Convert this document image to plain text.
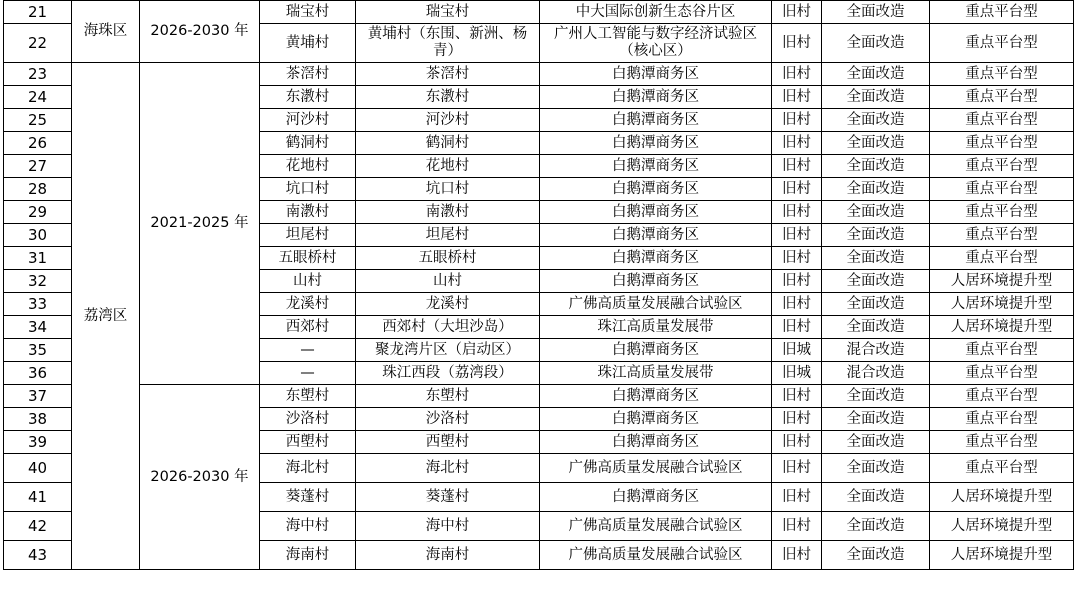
21	海珠区	2026-2030 年	瑞宝村	瑞宝村	中大国际创新生态谷片区	旧村	全面改造	重点平台型
22			黄埔村	黄埔村（东围、新洲、杨青）	广州人工智能与数字经济试验区（核心区）	旧村	全面改造	重点平台型
23	荔湾区	2021-2025 年	茶滘村	茶滘村	白鹅潭商务区	旧村	全面改造	重点平台型
24			东漖村	东漖村	白鹅潭商务区	旧村	全面改造	重点平台型
25			河沙村	河沙村	白鹅潭商务区	旧村	全面改造	重点平台型
26			鹤洞村	鹤洞村	白鹅潭商务区	旧村	全面改造	重点平台型
27			花地村	花地村	白鹅潭商务区	旧村	全面改造	重点平台型
28			坑口村	坑口村	白鹅潭商务区	旧村	全面改造	重点平台型
29			南漖村	南漖村	白鹅潭商务区	旧村	全面改造	重点平台型
30			坦尾村	坦尾村	白鹅潭商务区	旧村	全面改造	重点平台型
31			五眼桥村	五眼桥村	白鹅潭商务区	旧村	全面改造	重点平台型
32			山村	山村	白鹅潭商务区	旧村	全面改造	人居环境提升型
33			龙溪村	龙溪村	广佛高质量发展融合试验区	旧村	全面改造	人居环境提升型
34			西郊村	西郊村（大坦沙岛）	珠江高质量发展带	旧村	全面改造	人居环境提升型
35			—	聚龙湾片区（启动区）	白鹅潭商务区	旧城	混合改造	重点平台型
36			—	珠江西段（荔湾段）	珠江高质量发展带	旧城	混合改造	重点平台型
37		2026-2030 年	东塱村	东塱村	白鹅潭商务区	旧村	全面改造	重点平台型
38			沙洛村	沙洛村	白鹅潭商务区	旧村	全面改造	重点平台型
39			西塱村	西塱村	白鹅潭商务区	旧村	全面改造	重点平台型
40			海北村	海北村	广佛高质量发展融合试验区	旧村	全面改造	重点平台型
41			葵蓬村	葵蓬村	白鹅潭商务区	旧村	全面改造	人居环境提升型
42			海中村	海中村	广佛高质量发展融合试验区	旧村	全面改造	人居环境提升型
43			海南村	海南村	广佛高质量发展融合试验区	旧村	全面改造	人居环境提升型
